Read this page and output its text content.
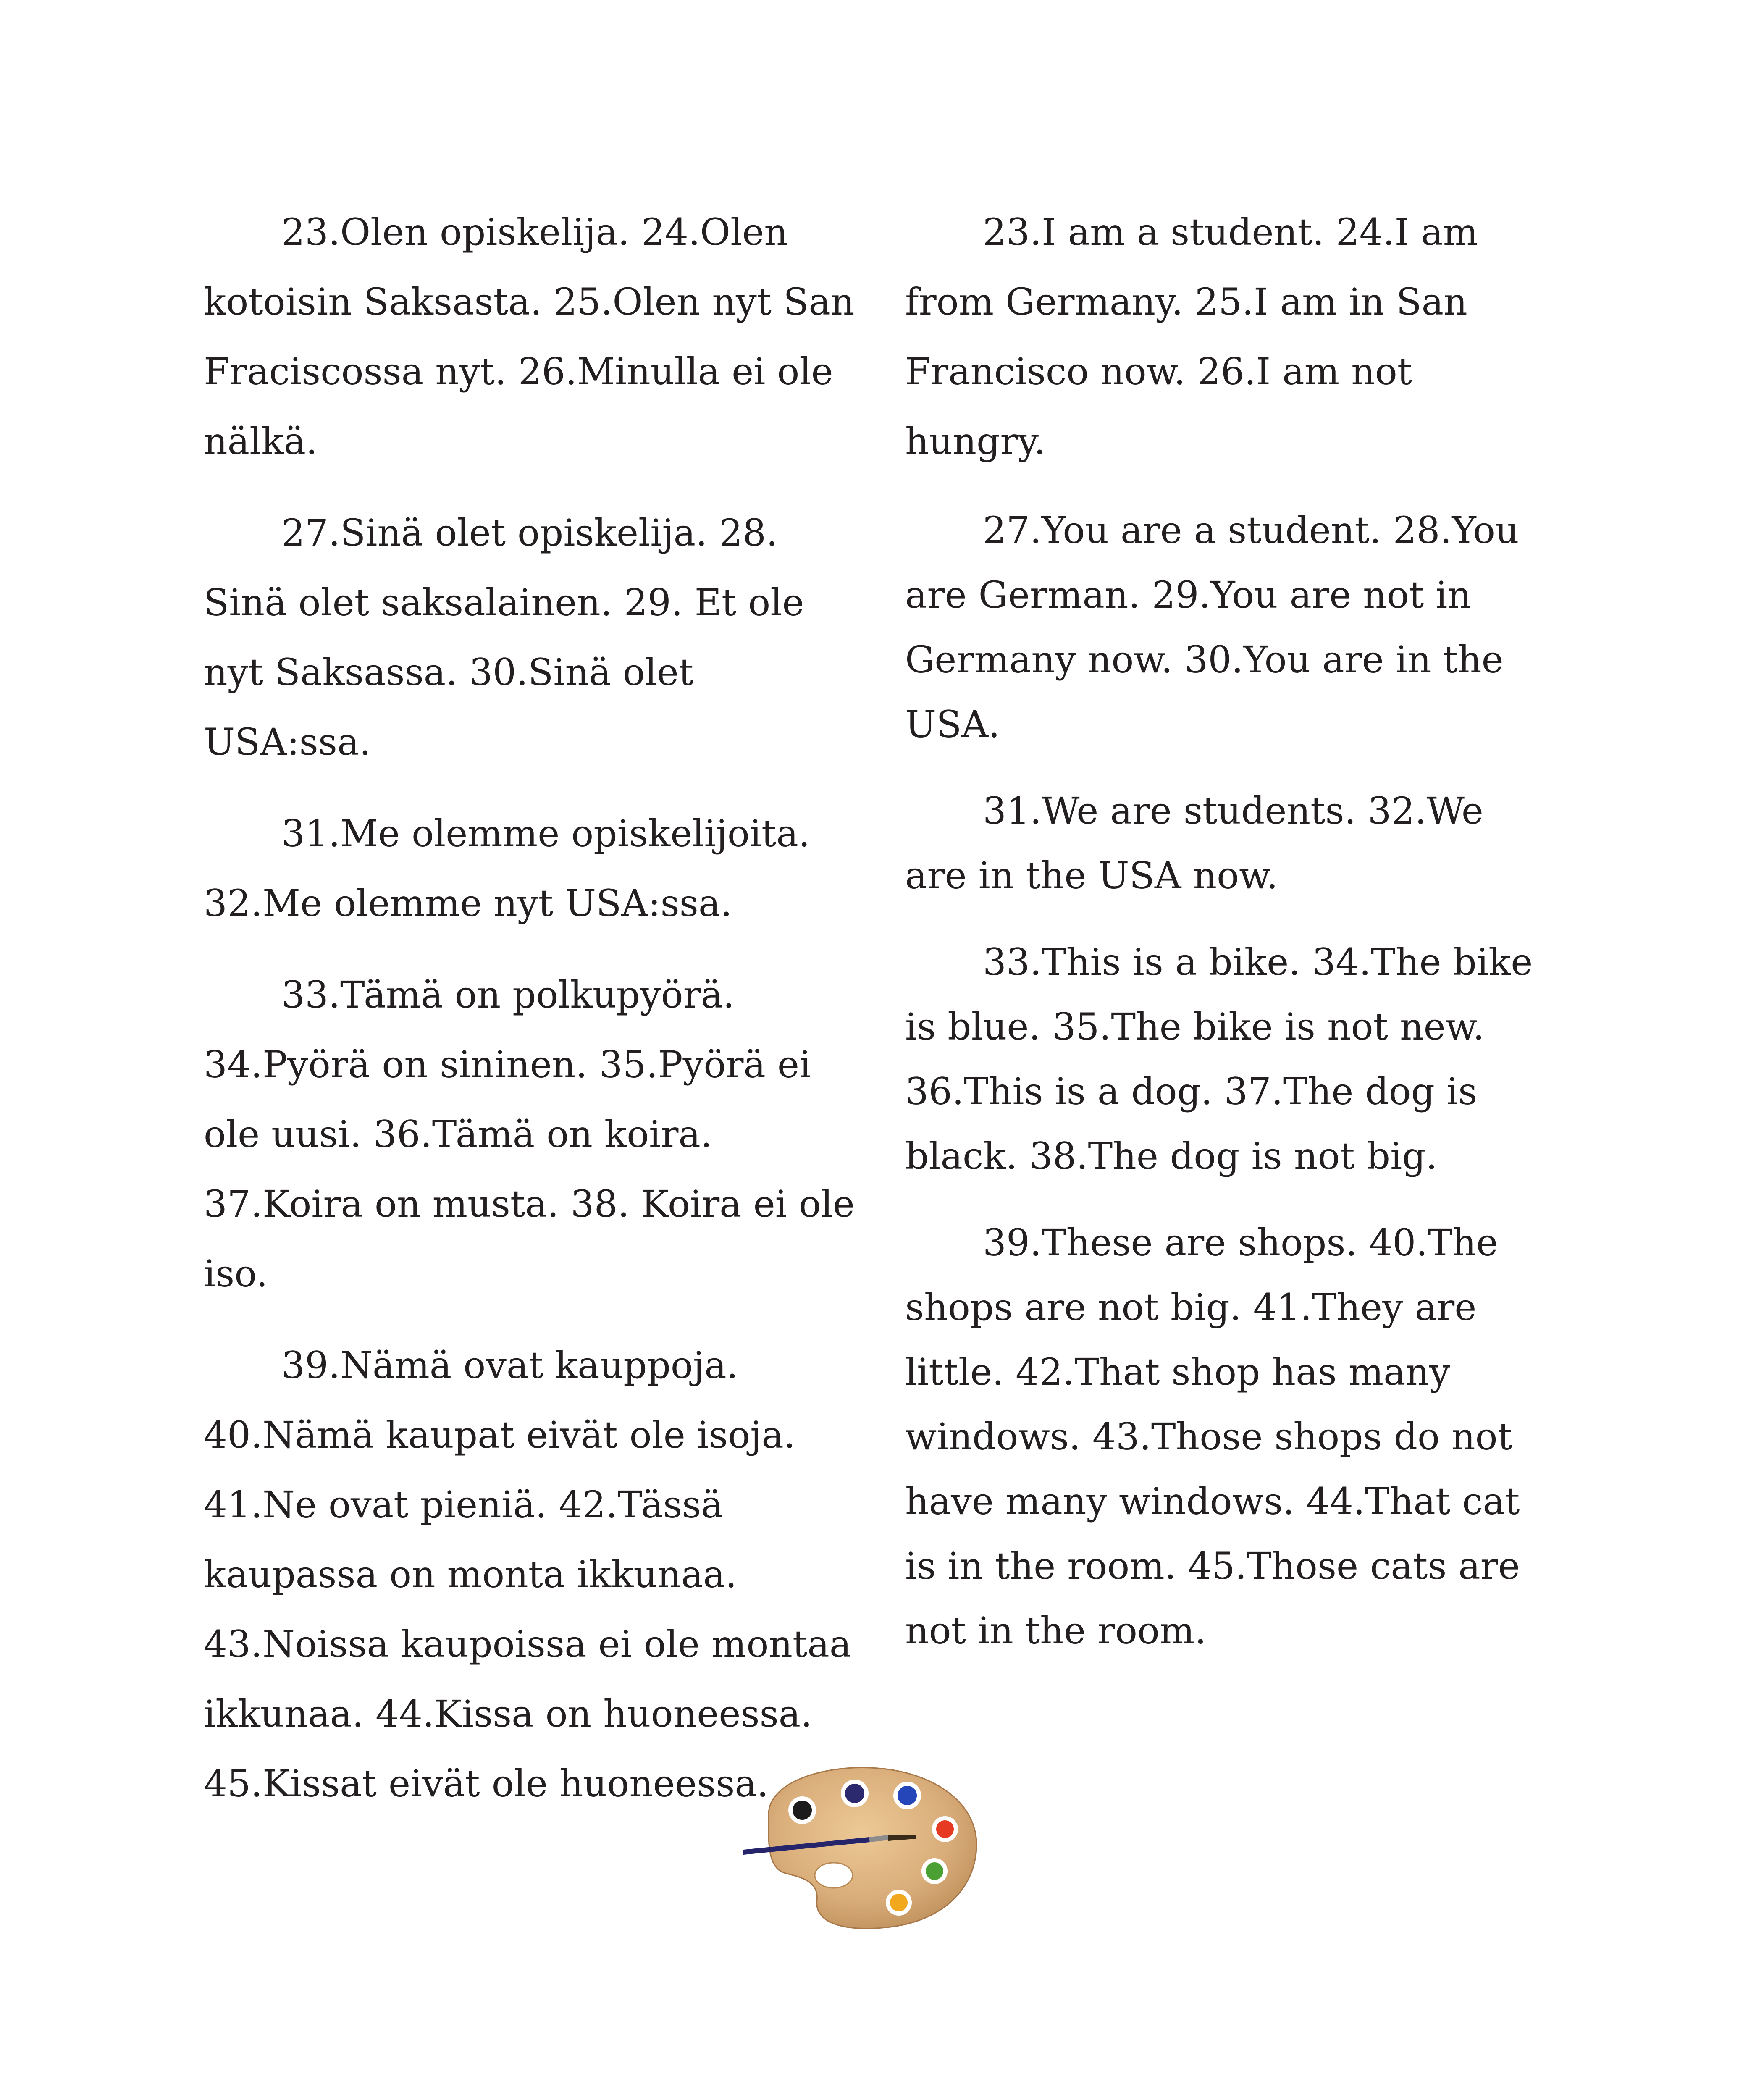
23.Olen opiskelija. 24.Olen kotoisin Saksasta. 25.Olen nyt San Fraciscossa nyt. 26.Minulla ei ole nälkä.

27.Sinä olet opiskelija. 28. Sinä olet saksalainen. 29. Et ole nyt Saksassa. 30.Sinä olet USA:ssa.

31.Me olemme opiskelijoita. 32.Me olemme nyt USA:ssa.

33.Tämä on polkupyörä. 34.Pyörä on sininen. 35.Pyörä ei ole uusi. 36.Tämä on koira. 37.Koira on musta. 38. Koira ei ole iso.

39.Nämä ovat kauppoja. 40.Nämä kaupat eivät ole isoja. 41.Ne ovat pieniä. 42.Tässä kaupassa on monta ikkunaa. 43.Noissa kaupoissa ei ole montaa ikkunaa. 44.Kissa on huoneessa. 45.Kissat eivät ole huoneessa.

23.I am a student. 24.I am from Germany. 25.I am in San Francisco now. 26.I am not hungry.

27.You are a student. 28.You are German. 29.You are not in Germany now. 30.You are in the USA.

31.We are students. 32.We are in the USA now.

33.This is a bike. 34.The bike is blue. 35.The bike is not new. 36.This is a dog. 37.The dog is black. 38.The dog is not big.

39.These are shops. 40.The shops are not big. 41.They are little. 42.That shop has many windows. 43.Those shops do not have many windows. 44.That cat is in the room. 45.Those cats are not in the room.
